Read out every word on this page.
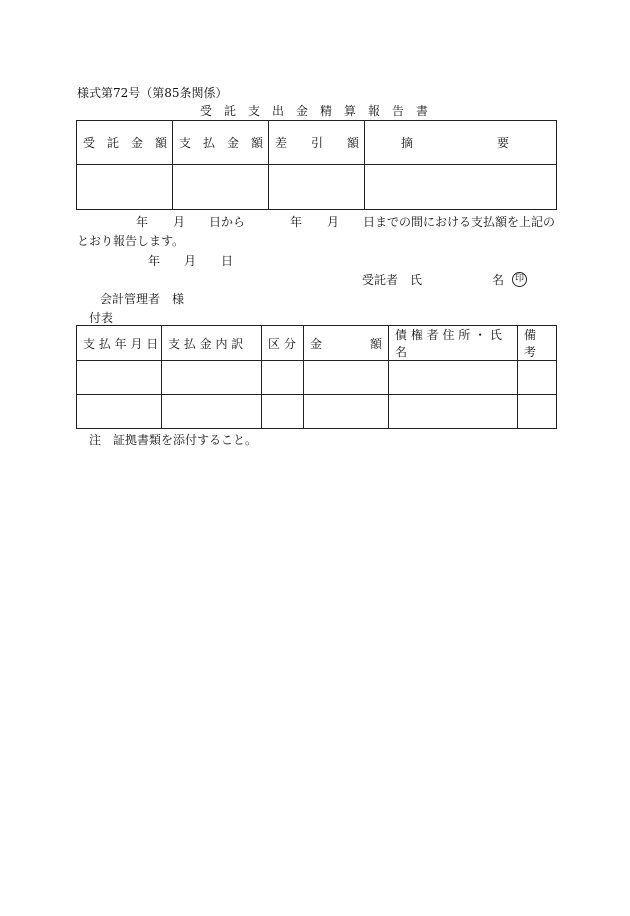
様式第72号（第85条関係）
受　託　支　出　金　精　算　報　告　書
受　託　金　額	支　払　金　額	差　　引　　額	摘　　　　　　　要

年 月 日から	年 月 日までの間における支払額を上記の
とおり報告します。
年 月 日
受託者　氏	名	印
会計管理者　様
付表
支 払 年 月 日	支 払 金 内 訳	区 分	金　　　　額	債 権 者 住 所 ・ 氏 名	備　考

注　証拠書類を添付すること。
